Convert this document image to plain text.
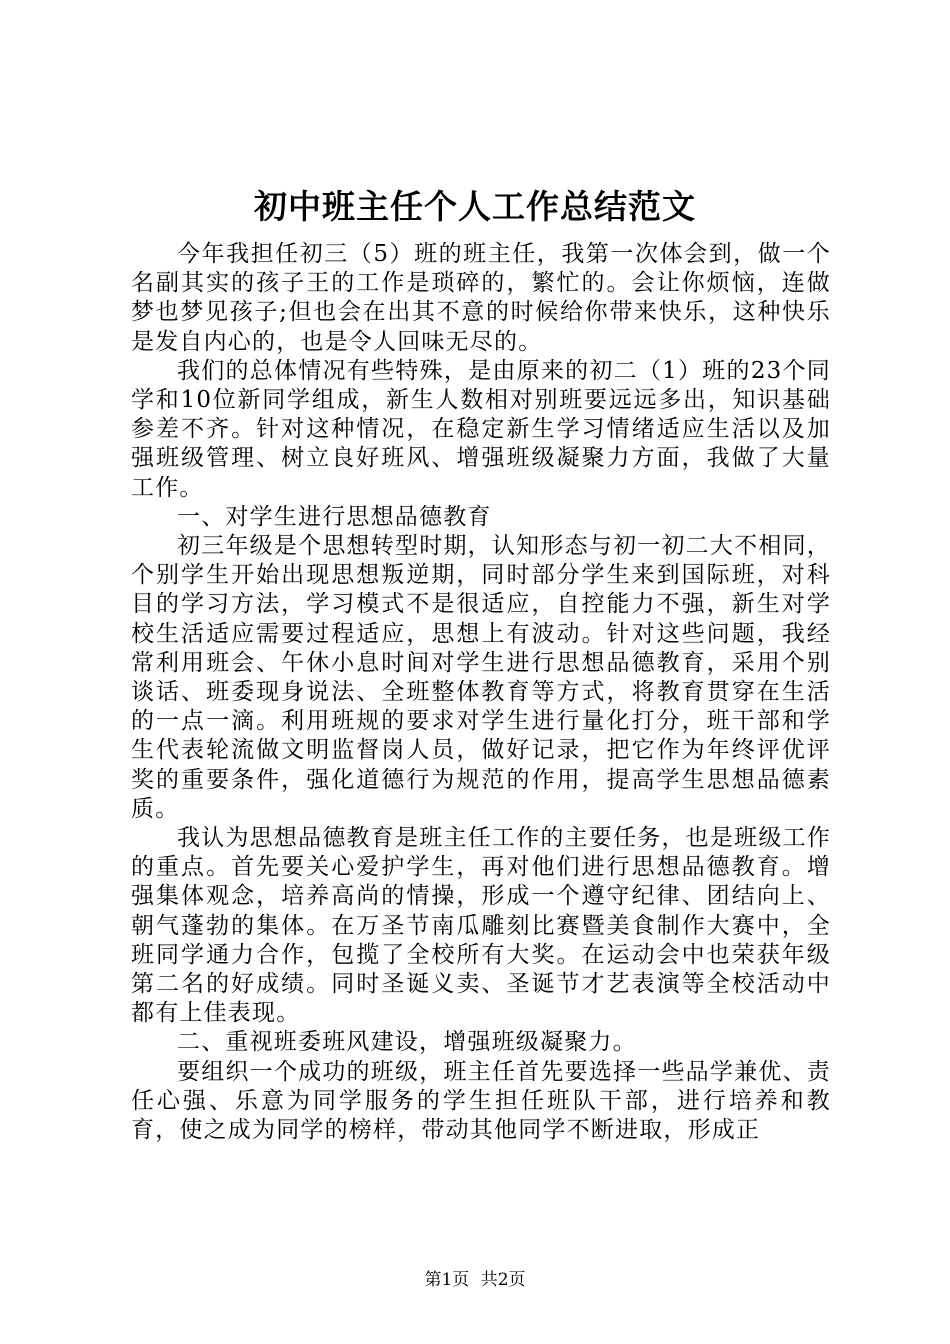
初中班主任个人工作总结范文

今年我担任初三（5）班的班主任，我第一次体会到，做一个名副其实的孩子王的工作是琐碎的，繁忙的。会让你烦恼，连做梦也梦见孩子;但也会在出其不意的时候给你带来快乐，这种快乐是发自内心的，也是令人回味无尽的。

我们的总体情况有些特殊，是由原来的初二（1）班的23个同学和10位新同学组成，新生人数相对别班要远远多出，知识基础参差不齐。针对这种情况，在稳定新生学习情绪适应生活以及加强班级管理、树立良好班风、增强班级凝聚力方面，我做了大量工作。

一、对学生进行思想品德教育

初三年级是个思想转型时期，认知形态与初一初二大不相同，个别学生开始出现思想叛逆期，同时部分学生来到国际班，对科目的学习方法，学习模式不是很适应，自控能力不强，新生对学校生活适应需要过程适应，思想上有波动。针对这些问题，我经常利用班会、午休小息时间对学生进行思想品德教育，采用个别谈话、班委现身说法、全班整体教育等方式，将教育贯穿在生活的一点一滴。利用班规的要求对学生进行量化打分，班干部和学生代表轮流做文明监督岗人员，做好记录，把它作为年终评优评奖的重要条件，强化道德行为规范的作用，提高学生思想品德素质。

我认为思想品德教育是班主任工作的主要任务，也是班级工作的重点。首先要关心爱护学生，再对他们进行思想品德教育。增强集体观念，培养高尚的情操，形成一个遵守纪律、团结向上、朝气蓬勃的集体。在万圣节南瓜雕刻比赛暨美食制作大赛中，全班同学通力合作，包揽了全校所有大奖。在运动会中也荣获年级第二名的好成绩。同时圣诞义卖、圣诞节才艺表演等全校活动中都有上佳表现。

二、重视班委班风建设，增强班级凝聚力。

要组织一个成功的班级，班主任首先要选择一些品学兼优、责任心强、乐意为同学服务的学生担任班队干部，进行培养和教育，使之成为同学的榜样，带动其他同学不断进取，形成正

第1页 共2页
